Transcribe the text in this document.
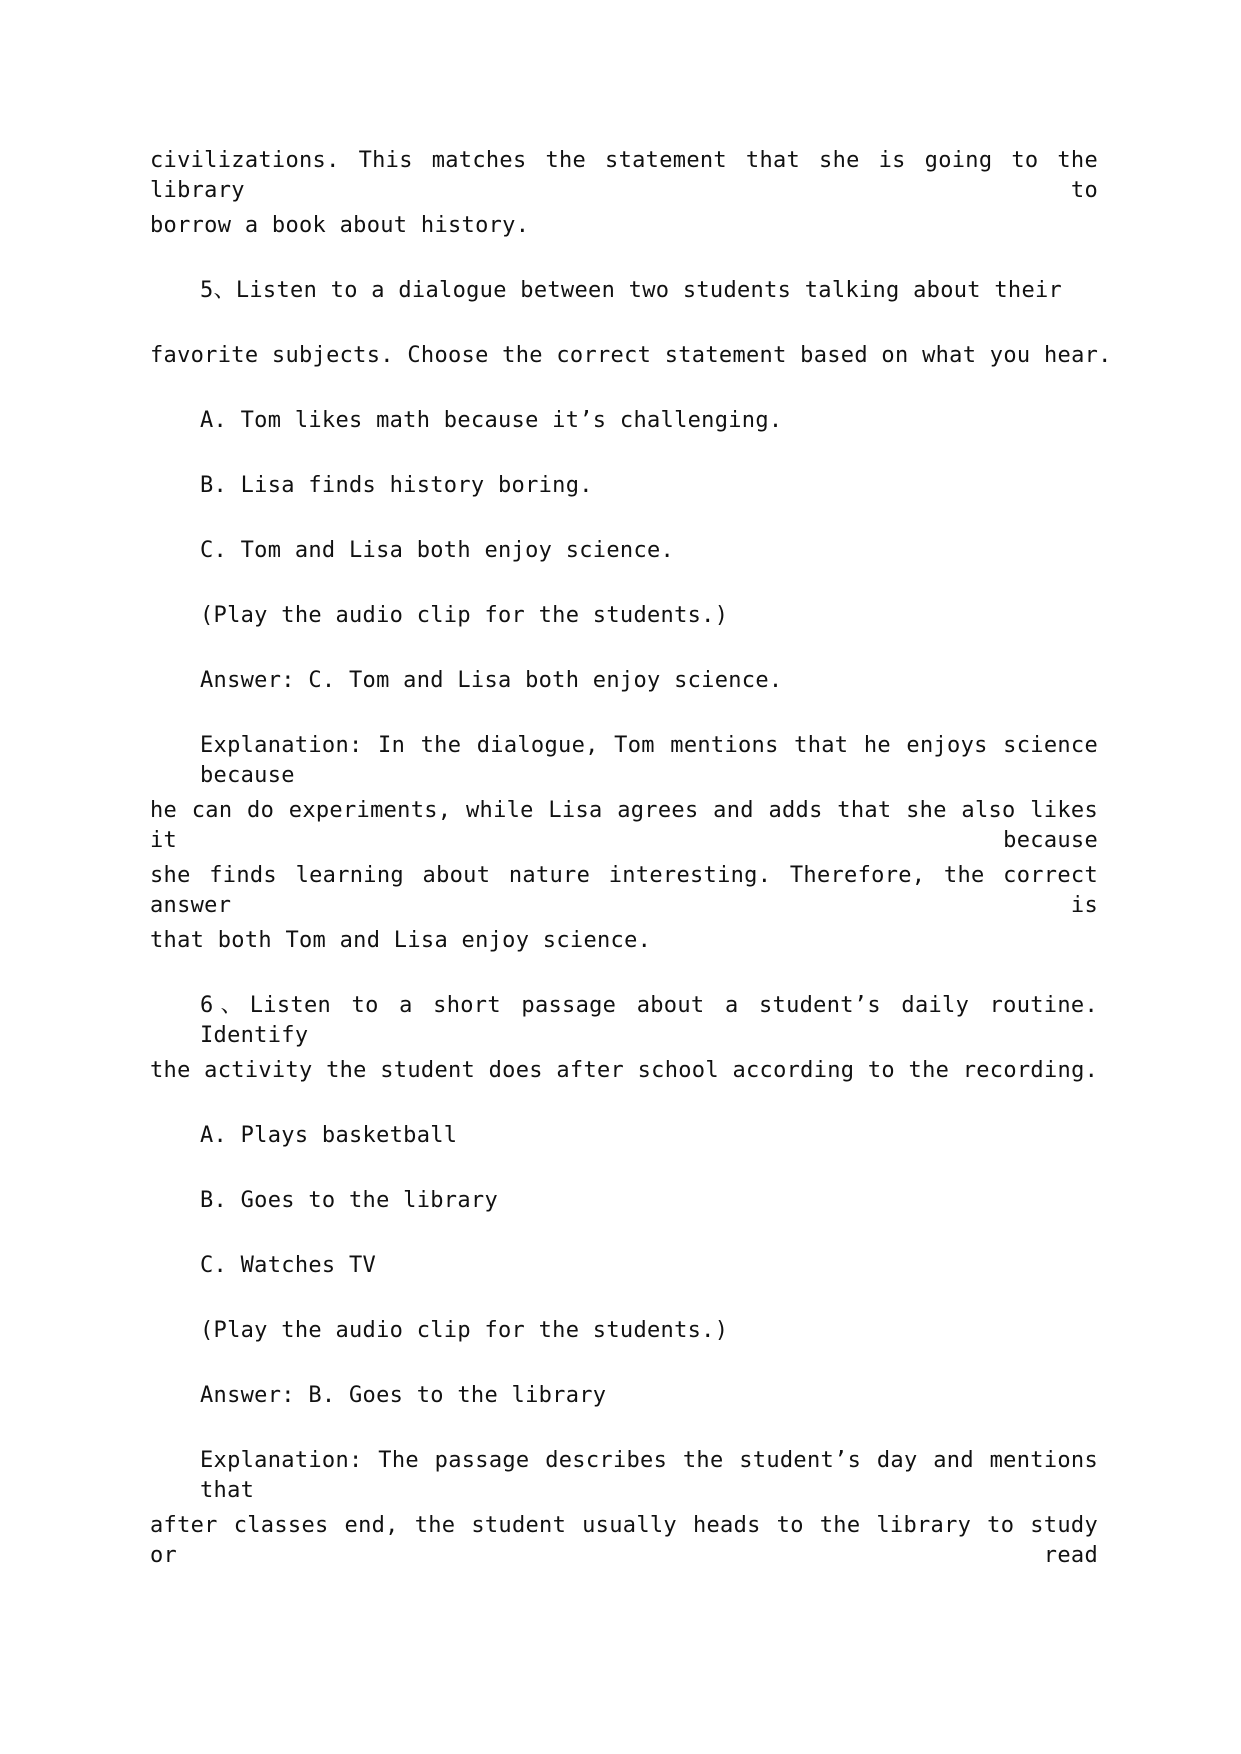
civilizations. This matches the statement that she is going to the library to
borrow a book about history.
5、Listen to a dialogue between two students talking about their
favorite subjects. Choose the correct statement based on what you hear.
A. Tom likes math because it’s challenging.
B. Lisa finds history boring.
C. Tom and Lisa both enjoy science.
(Play the audio clip for the students.)
Answer: C. Tom and Lisa both enjoy science.
Explanation: In the dialogue, Tom mentions that he enjoys science because
he can do experiments, while Lisa agrees and adds that she also likes it because
she finds learning about nature interesting. Therefore, the correct answer is
that both Tom and Lisa enjoy science.
6、Listen to a short passage about a student’s daily routine. Identify
the activity the student does after school according to the recording.
A. Plays basketball
B. Goes to the library
C. Watches TV
(Play the audio clip for the students.)
Answer: B. Goes to the library
Explanation: The passage describes the student’s day and mentions that
after classes end, the student usually heads to the library to study or read
